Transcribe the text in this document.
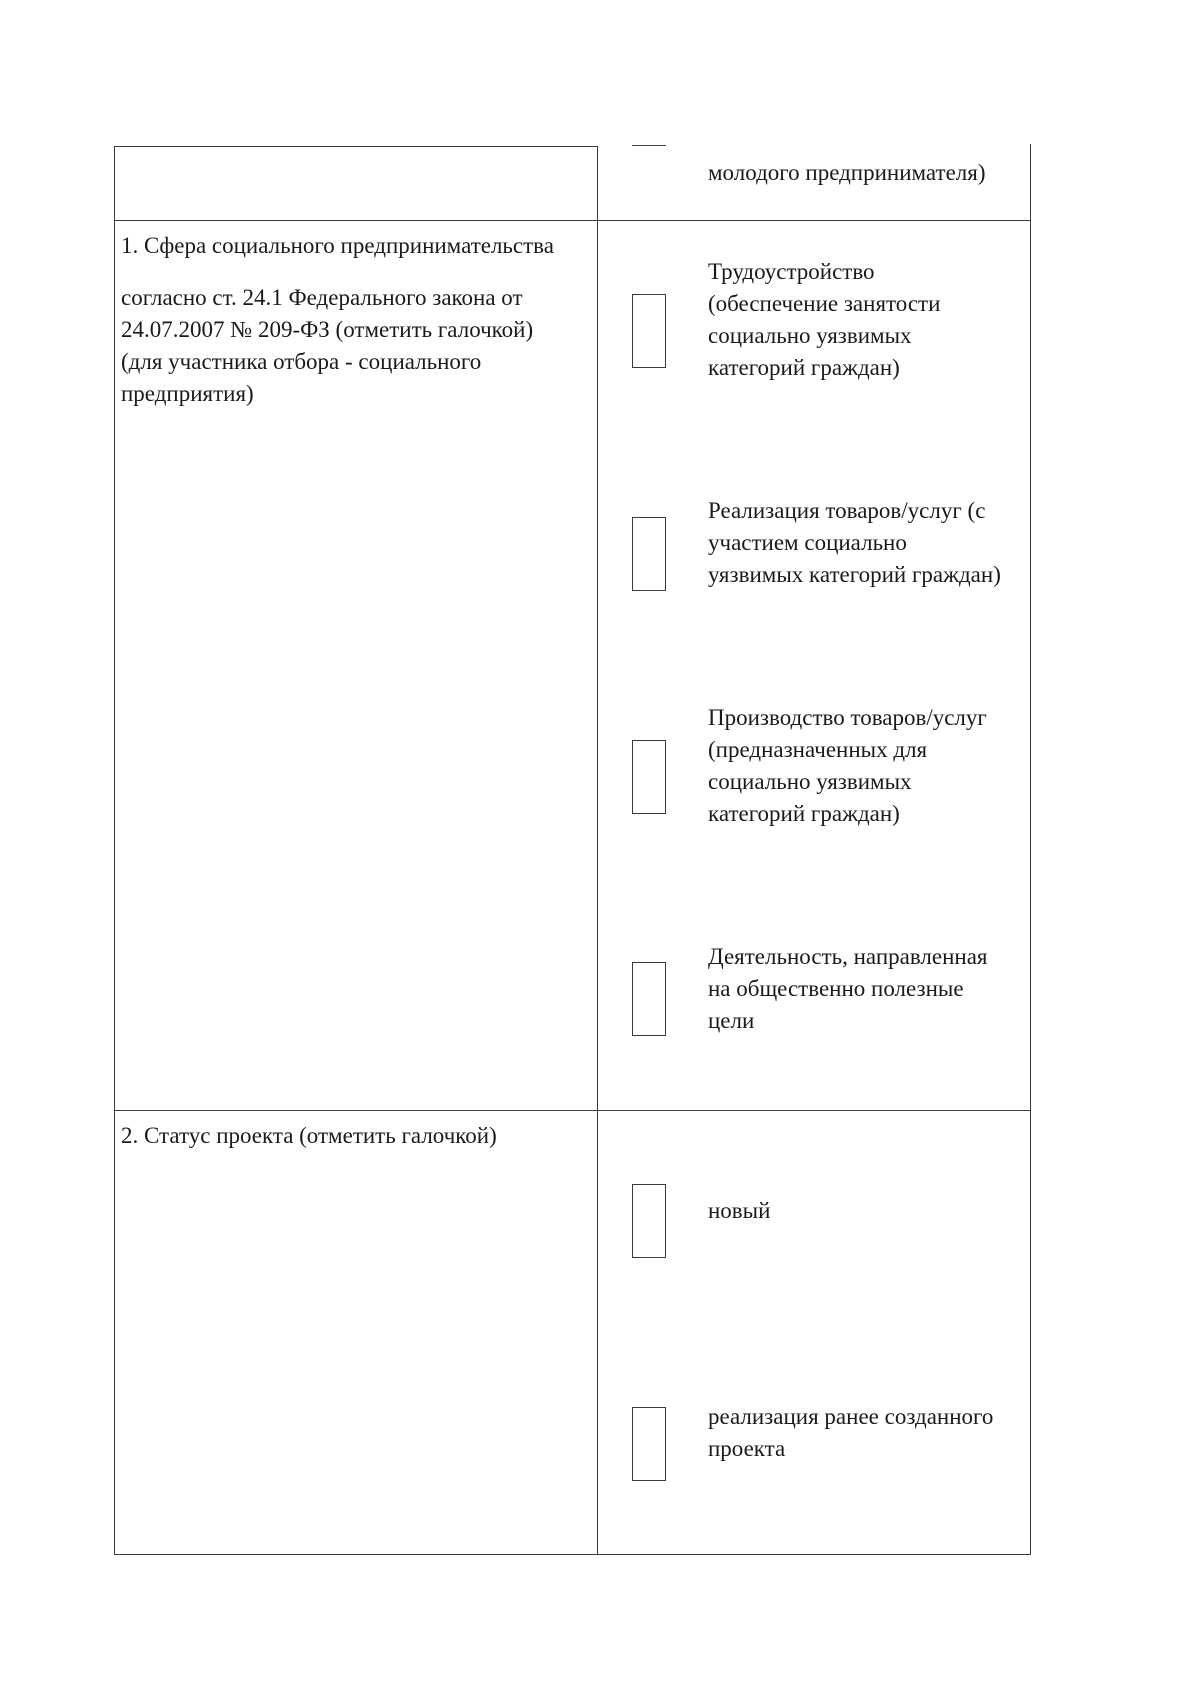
молодого предпринимателя)
1. Сфера социального предпринимательства
согласно ст. 24.1 Федерального закона от
24.07.2007 № 209-ФЗ (отметить галочкой)
(для участника отбора - социального
предприятия)
Трудоустройство
(обеспечение занятости
социально уязвимых
категорий граждан)
Реализация товаров/услуг (с
участием социально
уязвимых категорий граждан)
Производство товаров/услуг
(предназначенных для
социально уязвимых
категорий граждан)
Деятельность, направленная
на общественно полезные
цели
2. Статус проекта (отметить галочкой)
новый
реализация ранее созданного
проекта
